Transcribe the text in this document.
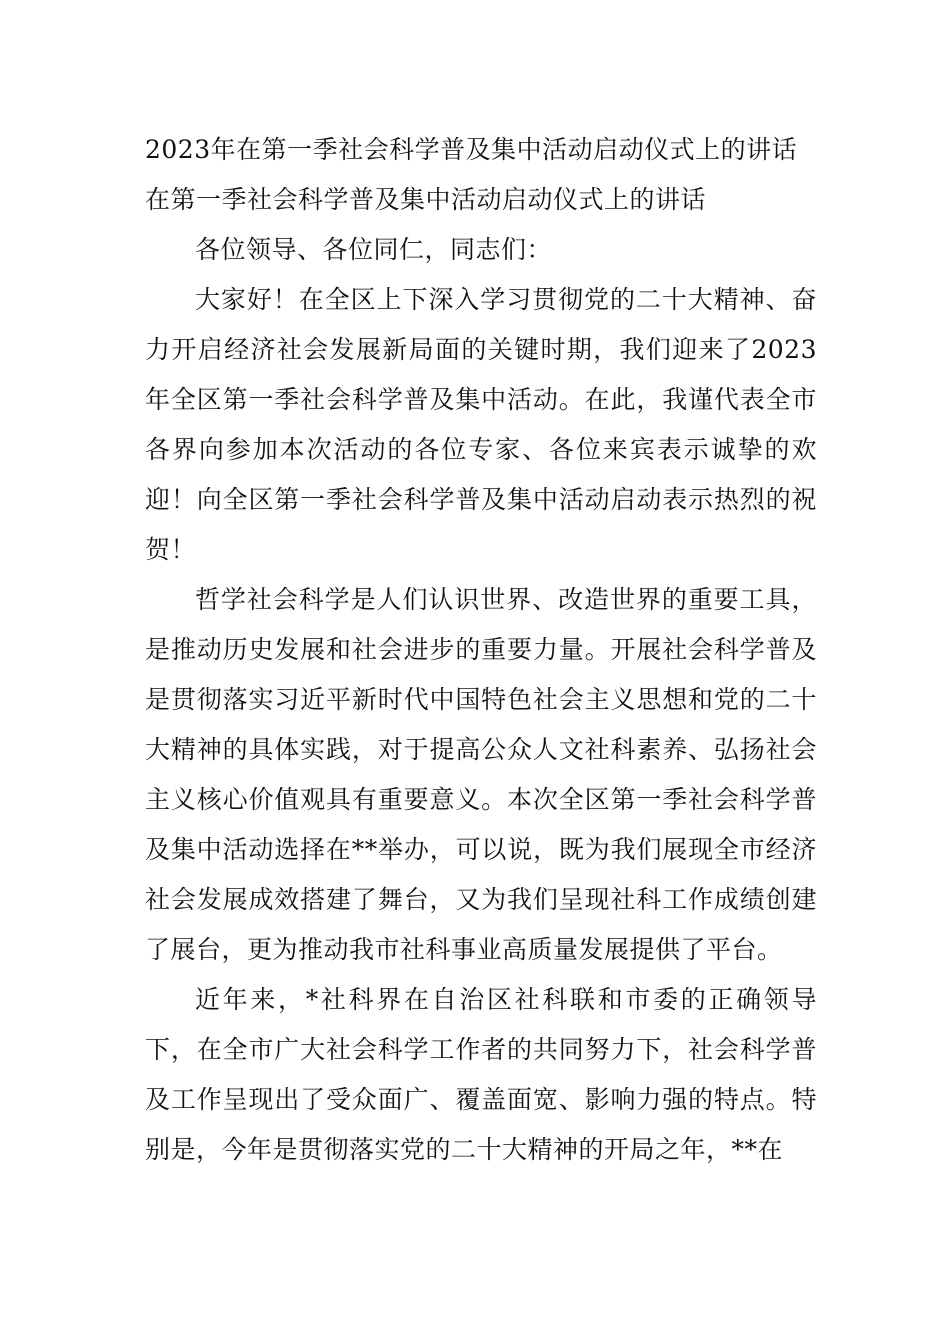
2023年在第一季社会科学普及集中活动启动仪式上的讲话

在第一季社会科学普及集中活动启动仪式上的讲话

各位领导、各位同仁，同志们：

大家好！在全区上下深入学习贯彻党的二十大精神、奋力开启经济社会发展新局面的关键时期，我们迎来了2023年全区第一季社会科学普及集中活动。在此，我谨代表全市各界向参加本次活动的各位专家、各位来宾表示诚挚的欢迎！向全区第一季社会科学普及集中活动启动表示热烈的祝贺！

哲学社会科学是人们认识世界、改造世界的重要工具，是推动历史发展和社会进步的重要力量。开展社会科学普及是贯彻落实习近平新时代中国特色社会主义思想和党的二十大精神的具体实践，对于提高公众人文社科素养、弘扬社会主义核心价值观具有重要意义。本次全区第一季社会科学普及集中活动选择在**举办，可以说，既为我们展现全市经济社会发展成效搭建了舞台，又为我们呈现社科工作成绩创建了展台，更为推动我市社科事业高质量发展提供了平台。

近年来，*社科界在自治区社科联和市委的正确领导下，在全市广大社会科学工作者的共同努力下，社会科学普及工作呈现出了受众面广、覆盖面宽、影响力强的特点。特别是，今年是贯彻落实党的二十大精神的开局之年，**在
